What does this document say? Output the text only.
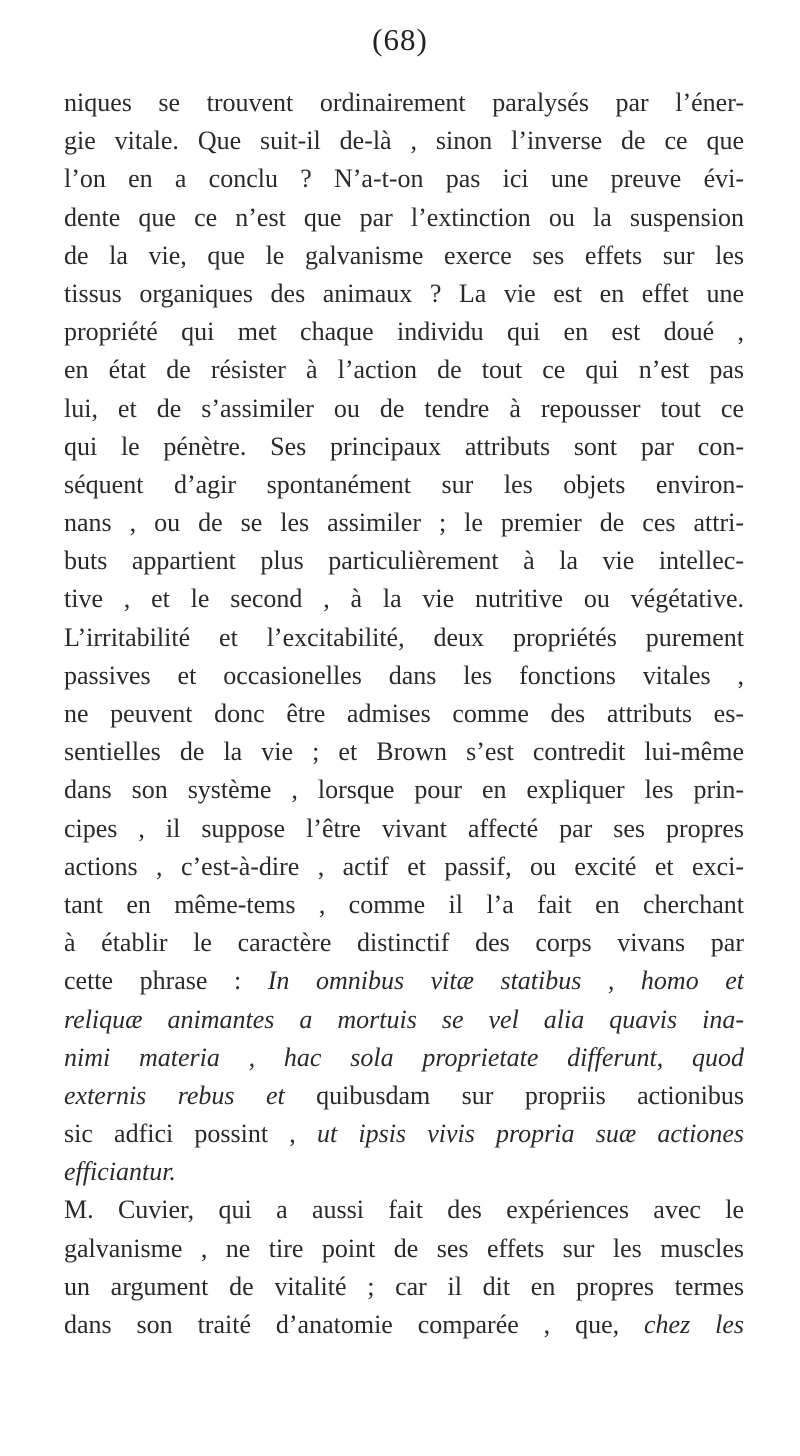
(68)
niques se trouvent ordinairement paralysés par l’éner-
gie vitale. Que suit-il de-là , sinon l’inverse de ce que
l’on en a conclu ? N’a-t-on pas ici une preuve évi-
dente que ce n’est que par l’extinction ou la suspension
de la vie, que le galvanisme exerce ses effets sur les
tissus organiques des animaux ? La vie est en effet une
propriété qui met chaque individu qui en est doué ,
en état de résister à l’action de tout ce qui n’est pas
lui, et de s’assimiler ou de tendre à repousser tout ce
qui le pénètre. Ses principaux attributs sont par con-
séquent d’agir spontanément sur les objets environ-
nans , ou de se les assimiler ; le premier de ces attri-
buts appartient plus particulièrement à la vie intellec-
tive , et le second , à la vie nutritive ou végétative.
L’irritabilité et l’excitabilité, deux propriétés purement
passives et occasionelles dans les fonctions vitales ,
ne peuvent donc être admises comme des attributs es-
sentielles de la vie ; et Brown s’est contredit lui-même
dans son système , lorsque pour en expliquer les prin-
cipes , il suppose l’être vivant affecté par ses propres
actions , c’est-à-dire , actif et passif, ou excité et exci-
tant en même-tems , comme il l’a fait en cherchant
à établir le caractère distinctif des corps vivans par
cette phrase : In omnibus vitæ statibus , homo et
reliquæ animantes a mortuis se vel alia quavis ina-
nimi materia , hac sola proprietate differunt, quod
externis rebus et quibusdam sur propriis actionibus
sic adfici possint , ut ipsis vivis propria suæ actiones
efficiantur.
M. Cuvier, qui a aussi fait des expériences avec le
galvanisme , ne tire point de ses effets sur les muscles
un argument de vitalité ; car il dit en propres termes
dans son traité d’anatomie comparée , que, chez les
